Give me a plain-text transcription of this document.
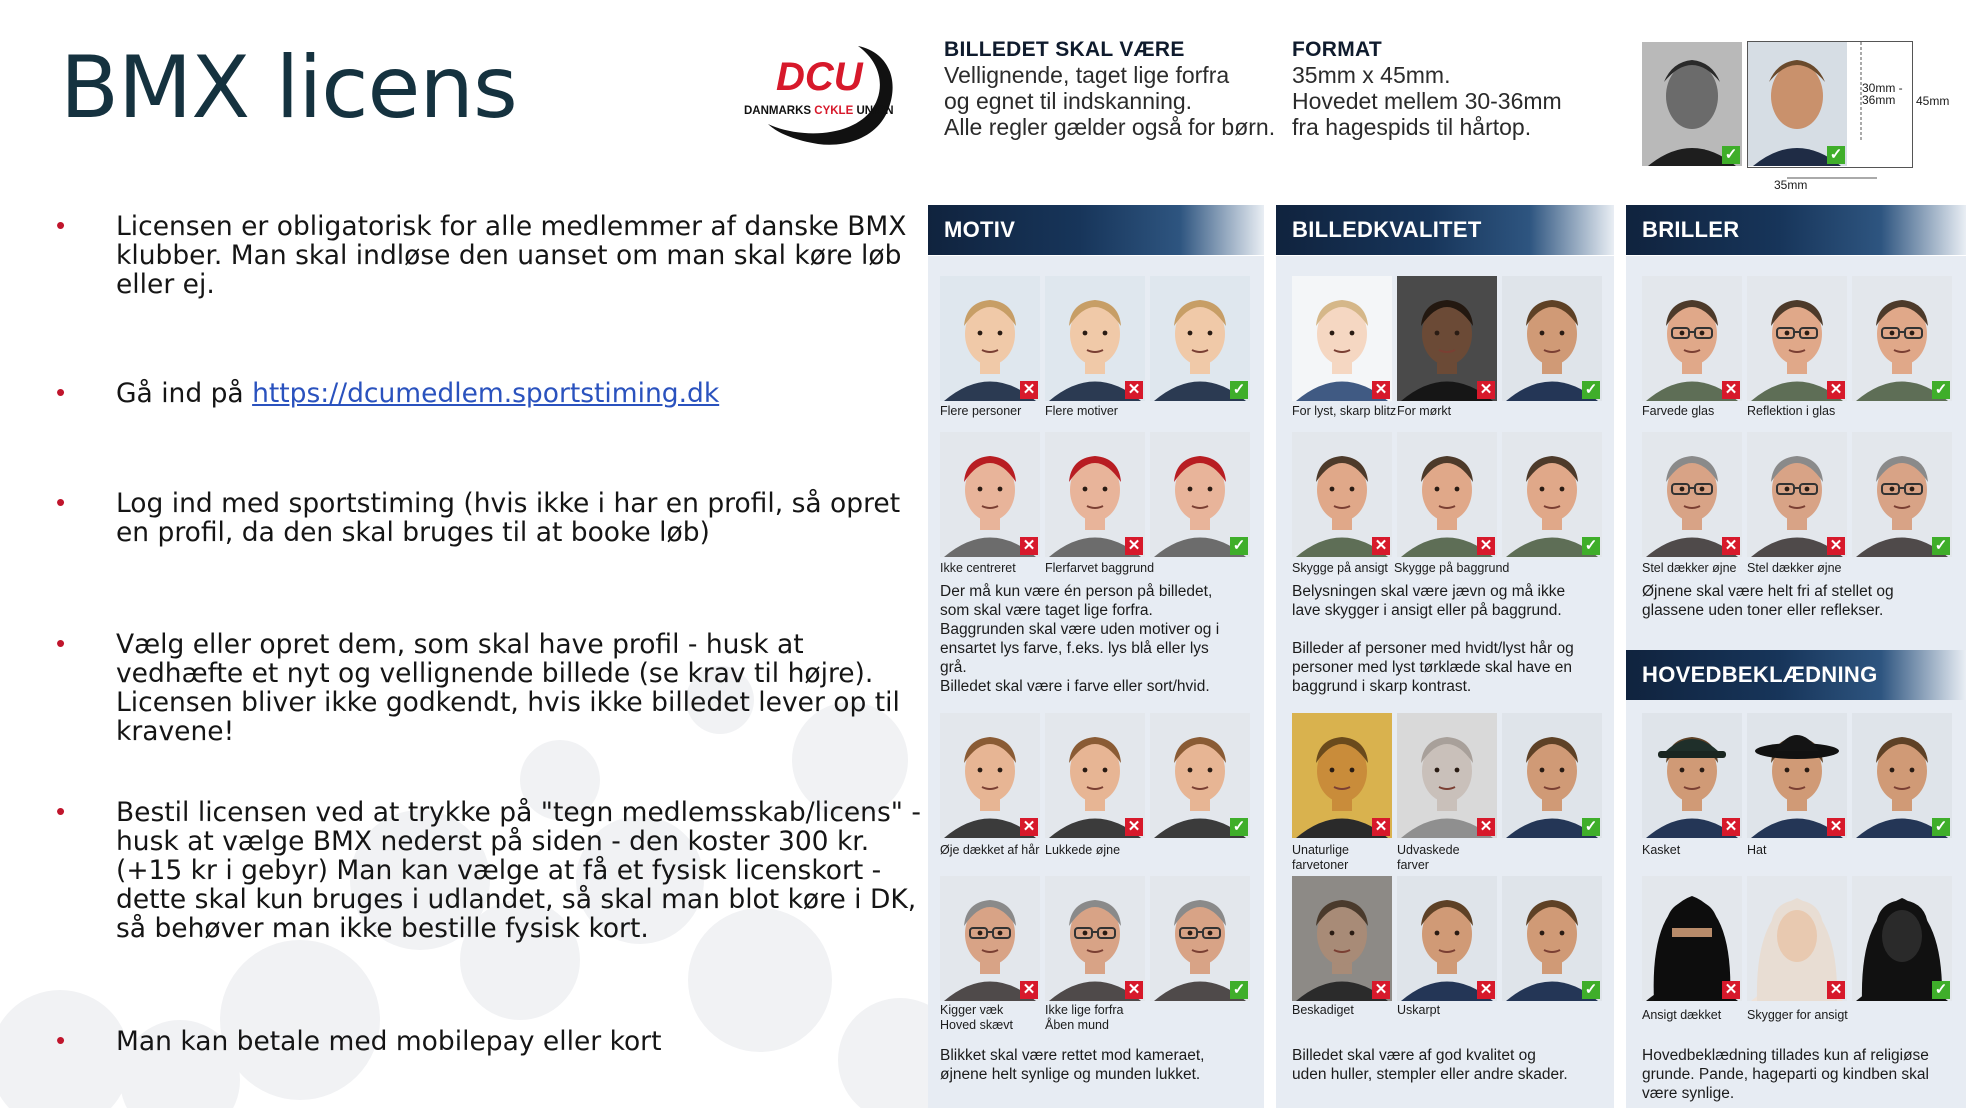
BMX licens
• Licensen er obligatorisk for alle medlemmer af danske BMX klubber. Man skal indløse den uanset om man skal køre løb eller ej.
• Gå ind på https://dcumedlem.sportstiming.dk
• Log ind med sportstiming (hvis ikke i har en profil, så opret en profil, da den skal bruges til at booke løb)
• Vælg eller opret dem, som skal have profil - husk at vedhæfte et nyt og vellignende billede (se krav til højre). Licensen bliver ikke godkendt, hvis ikke billedet lever op til kravene!
• Bestil licensen ved at trykke på "tegn medlemsskab/licens" - husk at vælge BMX nederst på siden - den koster 300 kr. (+15 kr i gebyr) Man kan vælge at få et fysisk licenskort - dette skal kun bruges i udlandet, så skal man blot køre i DK, så behøver man ikke bestille fysisk kort.
• Man kan betale med mobilepay eller kort
DCU
DANMARKS CYKLE UNION
BILLEDET SKAL VÆRE
Vellignende, taget lige forfra
og egnet til indskanning.
Alle regler gælder også for børn.
FORMAT
35mm x 45mm.
Hovedet mellem 30-36mm
fra hagespids til hårtop.
✓	✓
30mm -
36mm	45mm
35mm
MOTIV	BILLEDKVALITET	BRILLER
HOVEDBEKLÆDNING
✕	✕	✓
✕	✕	✓
✕	✕	✓
✕	✕	✓
✕	✕	✓
✕	✕	✓
✕	✕	✓
✕	✕	✓
✕	✕	✓
✕	✕	✓
✕	✕	✓
✕	✕	✓
Flere personer Flere motiver
Ikke centreret Flerfarvet baggrund
Der må kun være én person på billedet,
som skal være taget lige forfra.
Baggrunden skal være uden motiver og i
ensartet lys farve, f.eks. lys blå eller lys
grå.
Billedet skal være i farve eller sort/hvid.
Øje dækket af hår Lukkede øjne
Kigger væk
Hoved skævt
Ikke lige forfra
Åben mund
Blikket skal være rettet mod kameraet,
øjnene helt synlige og munden lukket.
For lyst, skarp blitz For mørkt
Skygge på ansigt Skygge på baggrund
Belysningen skal være jævn og må ikke
lave skygger i ansigt eller på baggrund.

Billeder af personer med hvidt/lyst hår og
personer med lyst tørklæde skal have en
baggrund i skarp kontrast.
Unaturlige
farvetoner
Udvaskede
farver
Beskadiget	Uskarpt
Billedet skal være af god kvalitet og
uden huller, stempler eller andre skader.
Farvede glas	Reflektion i glas
Stel dækker øjne Stel dækker øjne
Øjnene skal være helt fri af stellet og
glassene uden toner eller reflekser.
Kasket	Hat
Ansigt dækket Skygger for ansigt
Hovedbeklædning tillades kun af religiøse
grunde. Pande, hageparti og kindben skal
være synlige.
